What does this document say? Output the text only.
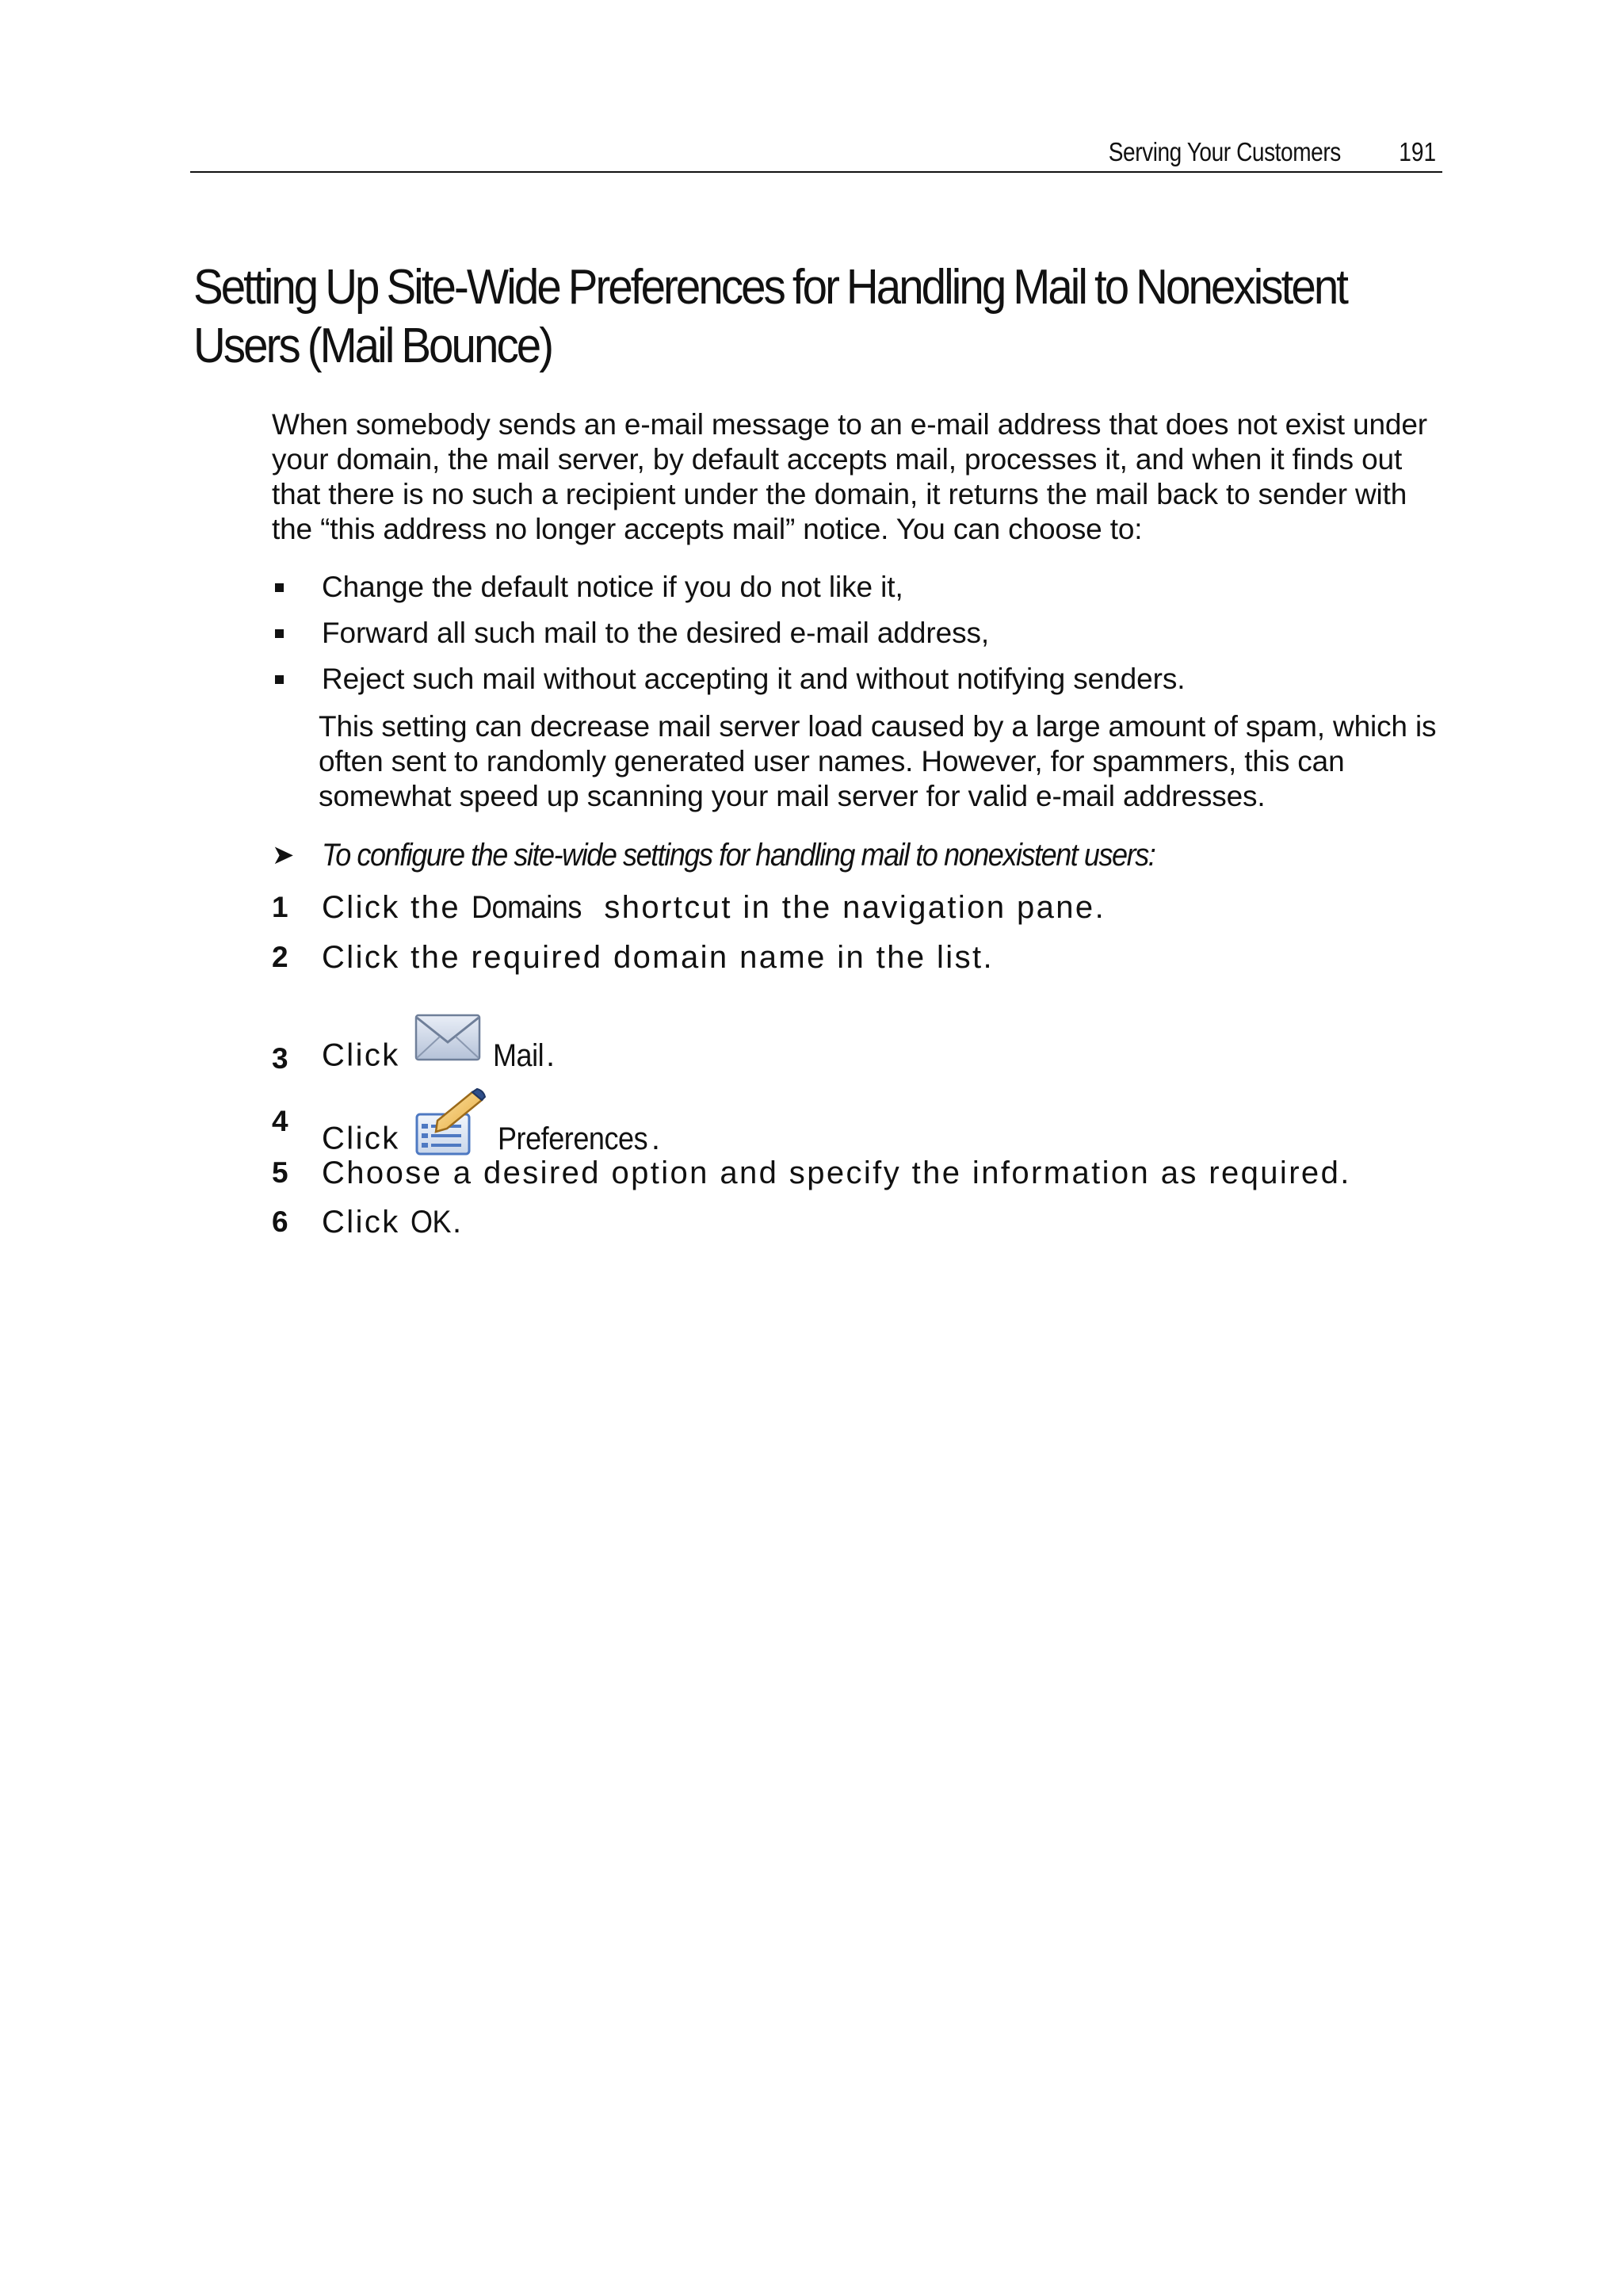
Serving Your Customers 191
Setting Up Site-Wide Preferences for Handling Mail to Nonexistent Users (Mail Bounce)

When somebody sends an e-mail message to an e-mail address that does not exist under your domain, the mail server, by default accepts mail, processes it, and when it finds out that there is no such a recipient under the domain, it returns the mail back to sender with the “this address no longer accepts mail” notice. You can choose to:

Change the default notice if you do not like it,
Forward all such mail to the desired e-mail address,
Reject such mail without accepting it and without notifying senders.

This setting can decrease mail server load caused by a large amount of spam, which is often sent to randomly generated user names. However, for spammers, this can somewhat speed up scanning your mail server for valid e-mail addresses.

➤ To configure the site-wide settings for handling mail to nonexistent users:
1 Click the Domains shortcut in the navigation pane.
2 Click the required domain name in the list.
3 Click	Mail.
4
Click	Preferences .
5 Choose a desired option and specify the information as required.
6 Click OK.
